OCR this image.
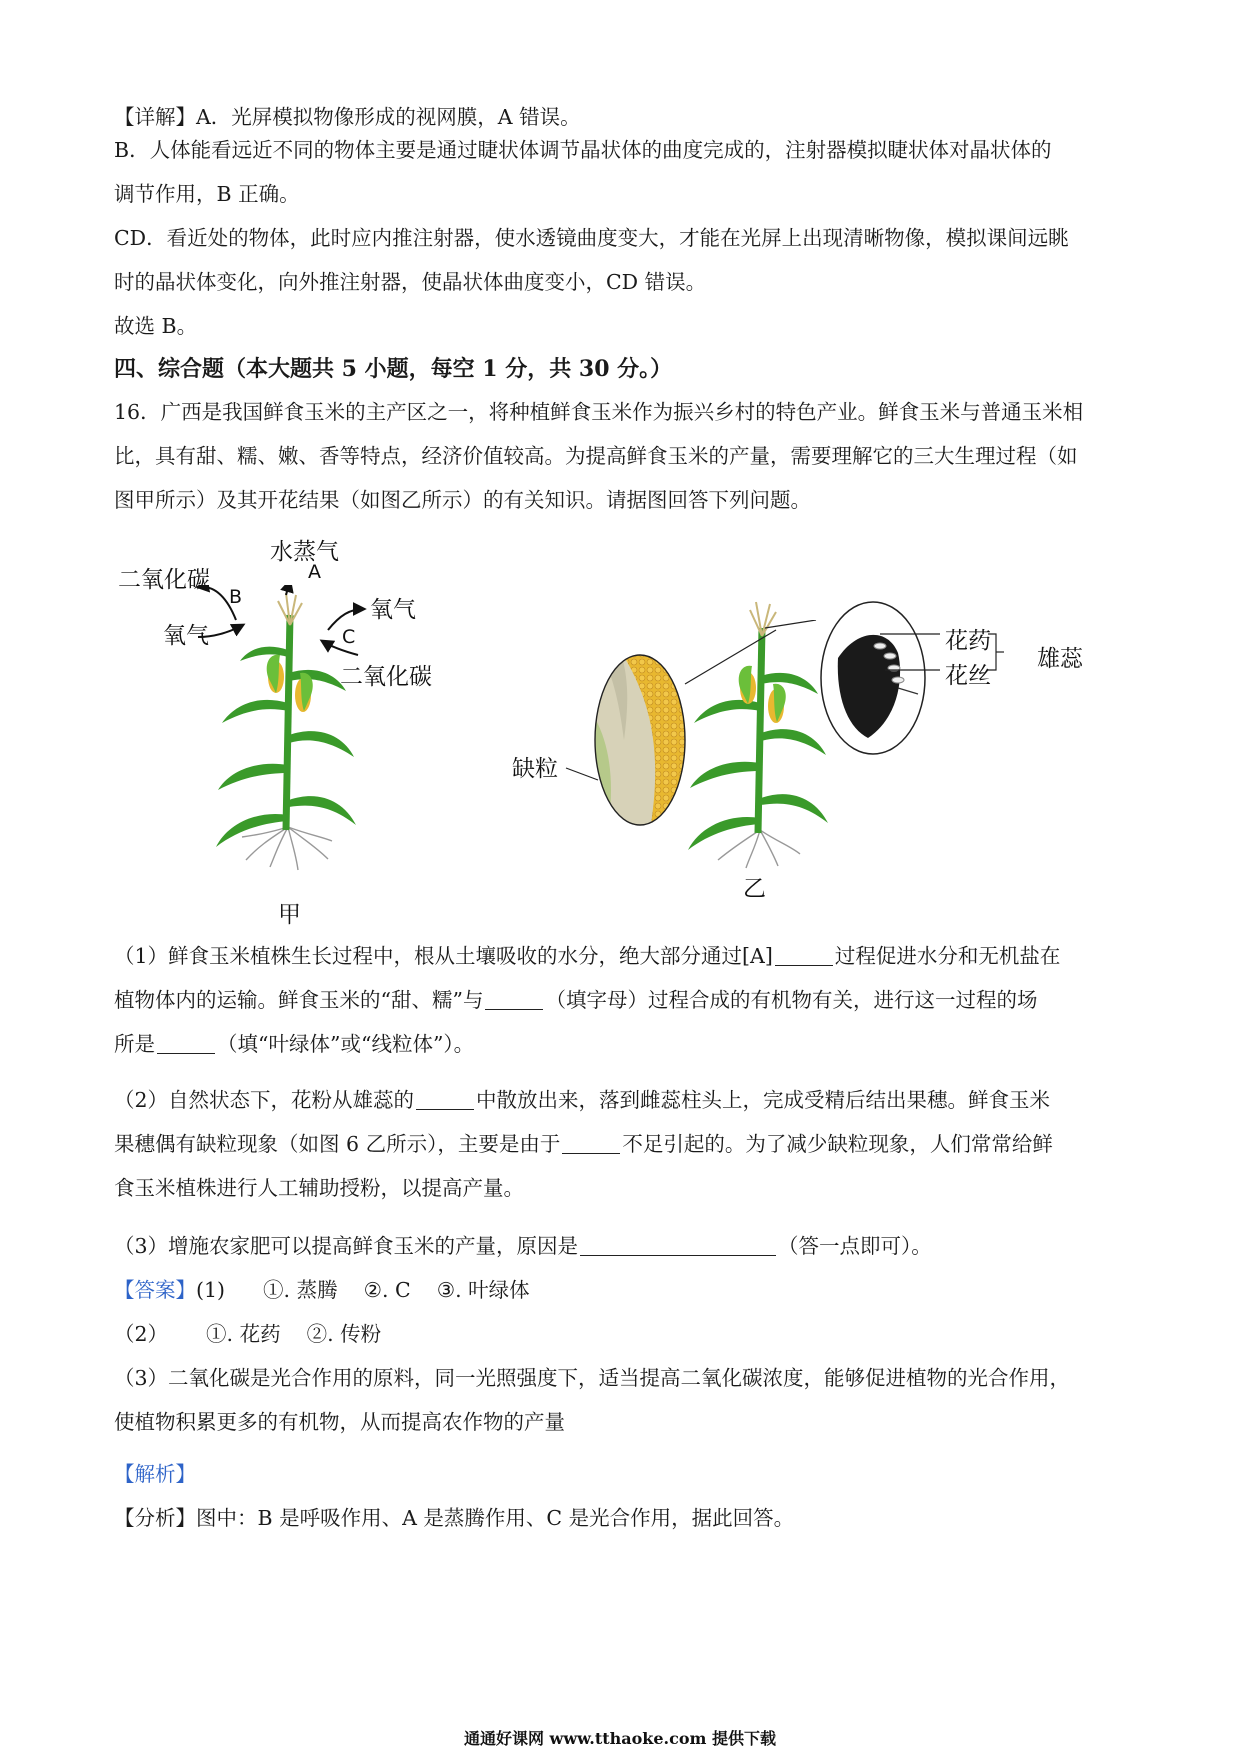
【详解】A．光屏模拟物像形成的视网膜，A 错误。
B．人体能看远近不同的物体主要是通过睫状体调节晶状体的曲度完成的，注射器模拟睫状体对晶状体的
调节作用，B 正确。
CD．看近处的物体，此时应内推注射器，使水透镜曲度变大，才能在光屏上出现清晰物像，模拟课间远眺
时的晶状体变化，向外推注射器，使晶状体曲度变小，CD 错误。
故选 B。
四、综合题（本大题共 5 小题，每空 1 分，共 30 分。）
16．广西是我国鲜食玉米的主产区之一，将种植鲜食玉米作为振兴乡村的特色产业。鲜食玉米与普通玉米相
比，具有甜、糯、嫩、香等特点，经济价值较高。为提高鲜食玉米的产量，需要理解它的三大生理过程（如
图甲所示）及其开花结果（如图乙所示）的有关知识。请据图回答下列问题。
水蒸气
二氧化碳	A
B
氧气
氧气
C
二氧化碳
甲
花药
花丝
雄蕊
缺粒
乙
（1）鲜食玉米植株生长过程中，根从土壤吸收的水分，绝大部分通过[A]	过程促进水分和无机盐在
植物体内的运输。鲜食玉米的“甜、糯”与	（填字母）过程合成的有机物有关，进行这一过程的场
所是	（填“叶绿体”或“线粒体”）。
（2）自然状态下，花粉从雄蕊的	中散放出来，落到雌蕊柱头上，完成受精后结出果穗。鲜食玉米
果穗偶有缺粒现象（如图 6 乙所示），主要是由于	不足引起的。为了减少缺粒现象，人们常常给鲜
食玉米植株进行人工辅助授粉，以提高产量。
（3）增施农家肥可以提高鲜食玉米的产量，原因是	（答一点即可）。
【答案】(1) ①. 蒸腾 ②. C ③. 叶绿体
（2） ①. 花药 ②. 传粉
（3）二氧化碳是光合作用的原料，同一光照强度下，适当提高二氧化碳浓度，能够促进植物的光合作用，
使植物积累更多的有机物，从而提高农作物的产量
【解析】
【分析】图中：B 是呼吸作用、A 是蒸腾作用、C 是光合作用，据此回答。
通通好课网 www.tthaoke.com 提供下载
